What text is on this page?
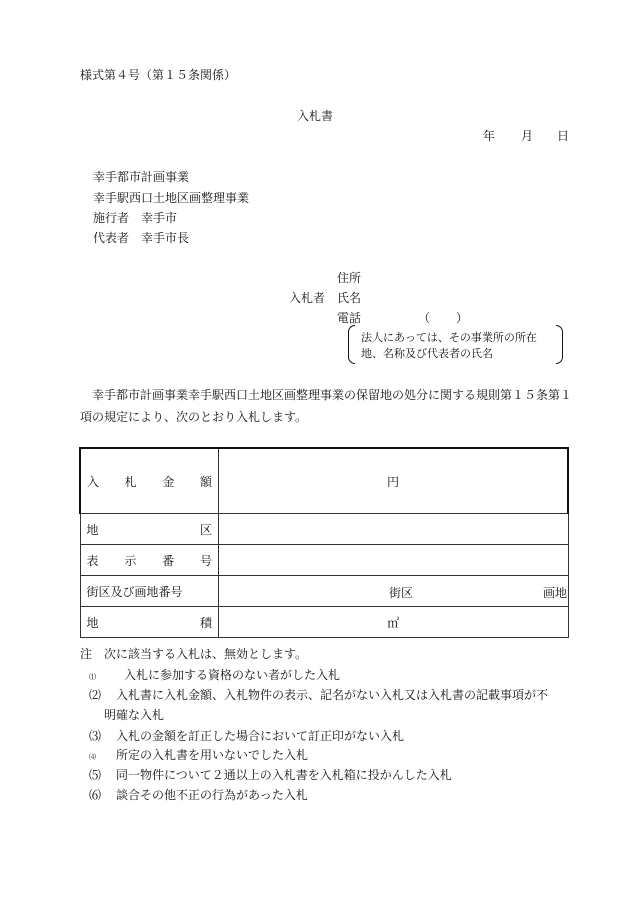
様式第４号（第１５条関係）
入札書
年 月 日
幸手都市計画事業
幸手駅西口土地区画整理事業
施行者　幸手市
代表者　幸手市長
住所
入札者 氏名
電話	（ ）
法人にあっては、その事業所の所在
地、名称及び代表者の氏名
幸手都市計画事業幸手駅西口土地区画整理事業の保留地の処分に関する規則第１５条第１項の規定により、次のとおり入札します。
入 札 金 額	円

地 区	

表 示 番 号	

街区及び画地番号	街区 画地

地 積	㎡
注　次に該当する入札は、無効とします。
⑴ 入札に参加する資格のない者がした入札
⑵ 入札書に入札金額、入札物件の表示、記名がない入札又は入札書の記載事項が不
明確な入札
⑶ 入札の金額を訂正した場合において訂正印がない入札
⑷ 所定の入札書を用いないでした入札
⑸ 同一物件について２通以上の入札書を入札箱に投かんした入札
⑹ 談合その他不正の行為があった入札
